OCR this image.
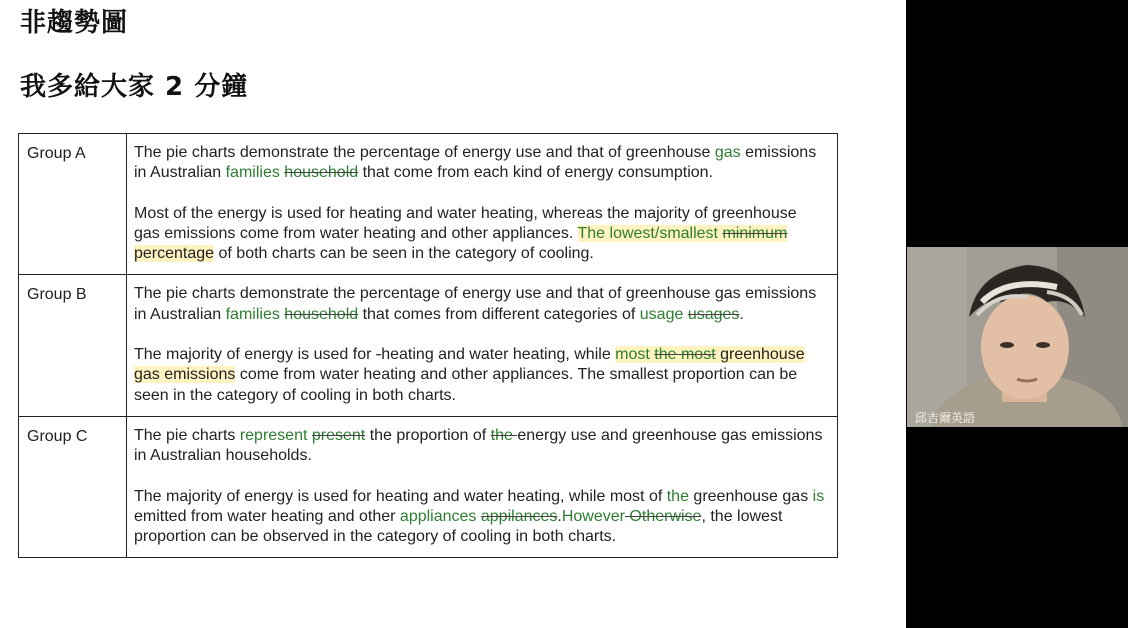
非趨勢圖
我多給大家 2 分鐘
Group A	The pie charts demonstrate the percentage of energy use and that of greenhouse gas emissions in Australian families household that come from each kind of energy consumption.

Most of the energy is used for heating and water heating, whereas the majority of greenhouse gas emissions come from water heating and other appliances. The lowest/smallest minimum percentage of both charts can be seen in the category of cooling.

Group B	The pie charts demonstrate the percentage of energy use and that of greenhouse gas emissions in Australian families household that comes from different categories of usage usages.

The majority of energy is used for -heating and water heating, while most the most greenhouse gas emissions come from water heating and other appliances. The smallest proportion can be seen in the category of cooling in both charts.

Group C	The pie charts represent present the proportion of the energy use and greenhouse gas emissions in Australian households.

The majority of energy is used for heating and water heating, while most of the greenhouse gas is emitted from water heating and other appliances appilances.However Otherwise, the lowest proportion can be observed in the category of cooling in both charts.

邱吉爾英語
